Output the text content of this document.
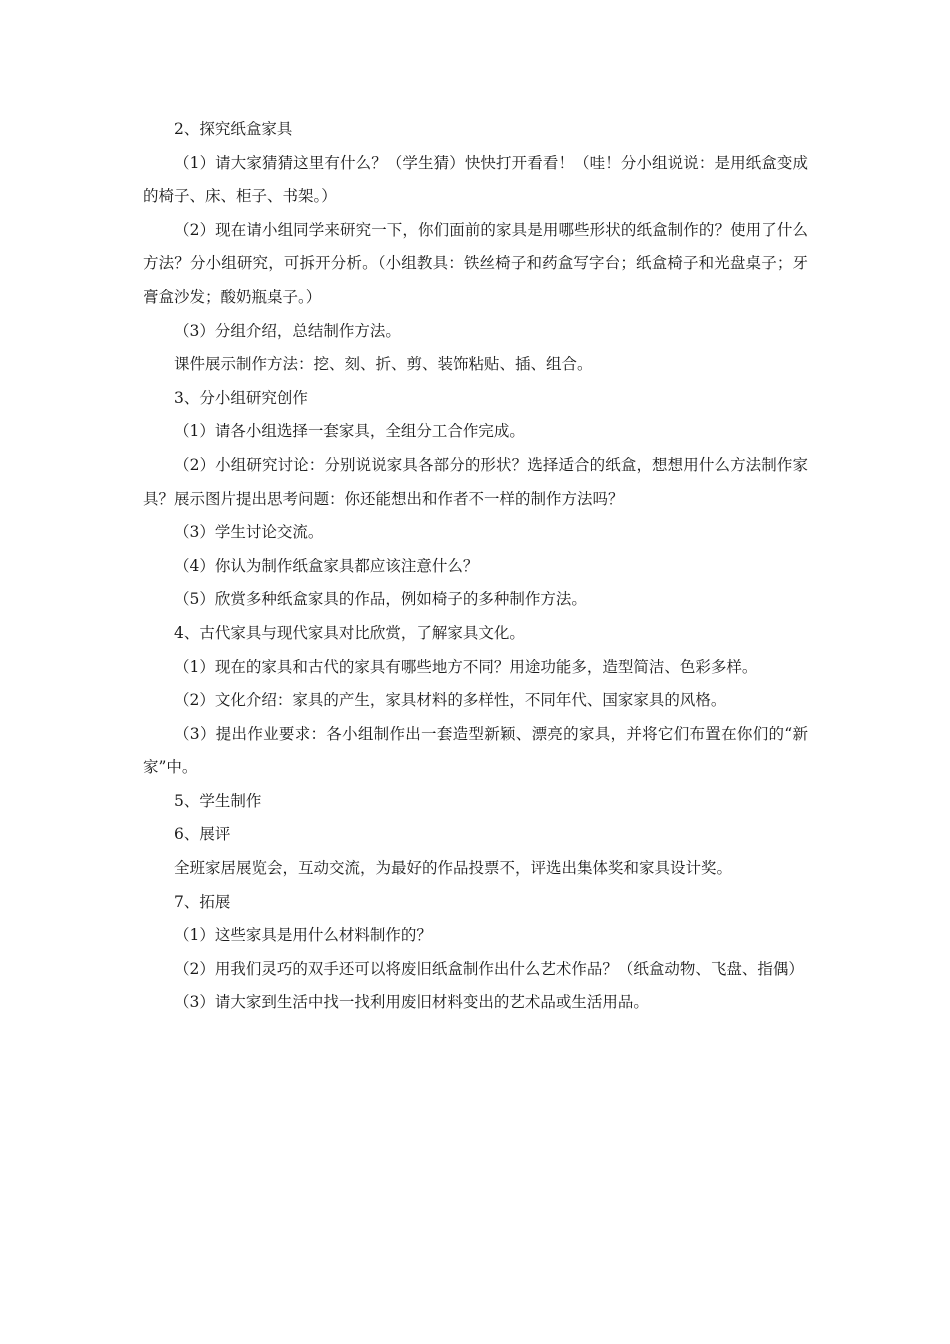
2、探究纸盒家具

（1）请大家猜猜这里有什么？（学生猜）快快打开看看！（哇！分小组说说：是用纸盒变成的椅子、床、柜子、书架。）

（2）现在请小组同学来研究一下，你们面前的家具是用哪些形状的纸盒制作的？使用了什么方法？分小组研究，可拆开分析。（小组教具：铁丝椅子和药盒写字台；纸盒椅子和光盘桌子；牙膏盒沙发；酸奶瓶桌子。）

（3）分组介绍，总结制作方法。

课件展示制作方法：挖、刻、折、剪、装饰粘贴、插、组合。

3、分小组研究创作

（1）请各小组选择一套家具，全组分工合作完成。

（2）小组研究讨论：分别说说家具各部分的形状？选择适合的纸盒，想想用什么方法制作家具？展示图片提出思考问题：你还能想出和作者不一样的制作方法吗？

（3）学生讨论交流。

（4）你认为制作纸盒家具都应该注意什么？

（5）欣赏多种纸盒家具的作品，例如椅子的多种制作方法。

4、古代家具与现代家具对比欣赏，了解家具文化。

（1）现在的家具和古代的家具有哪些地方不同？用途功能多，造型简洁、色彩多样。

（2）文化介绍：家具的产生，家具材料的多样性，不同年代、国家家具的风格。

（3）提出作业要求：各小组制作出一套造型新颖、漂亮的家具，并将它们布置在你们的“新家”中。

5、学生制作

6、展评

全班家居展览会，互动交流，为最好的作品投票不，评选出集体奖和家具设计奖。

7、拓展

（1）这些家具是用什么材料制作的？

（2）用我们灵巧的双手还可以将废旧纸盒制作出什么艺术作品？（纸盒动物、飞盘、指偶）

（3）请大家到生活中找一找利用废旧材料变出的艺术品或生活用品。
